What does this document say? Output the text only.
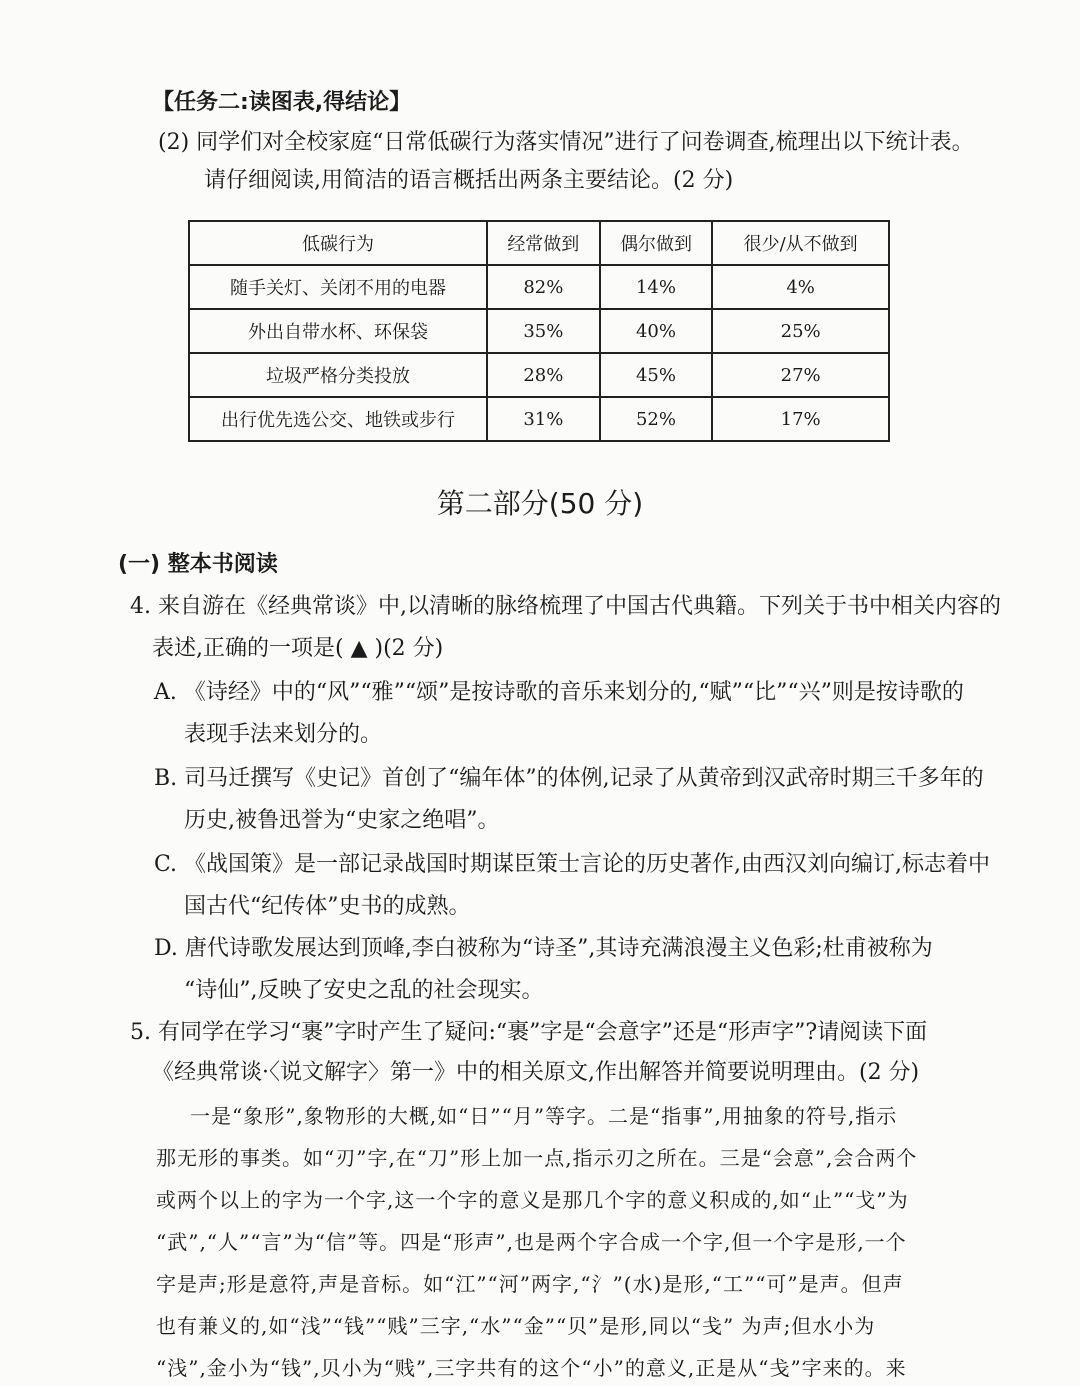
【任务二:读图表,得结论】
(2) 同学们对全校家庭“日常低碳行为落实情况”进行了问卷调查,梳理出以下统计表。
请仔细阅读,用简洁的语言概括出两条主要结论。(2 分)
低碳行为	经常做到	偶尔做到	很少/从不做到
随手关灯、关闭不用的电器	82%	14%	4%
外出自带水杯、环保袋	35%	40%	25%
垃圾严格分类投放	28%	45%	27%
出行优先选公交、地铁或步行	31%	52%	17%
第二部分(50 分)
(一) 整本书阅读
4. 来自游在《经典常谈》中,以清晰的脉络梳理了中国古代典籍。下列关于书中相关内容的
表述,正确的一项是( ▲ )(2 分)
A. 《诗经》中的“风”“雅”“颂”是按诗歌的音乐来划分的,“赋”“比”“兴”则是按诗歌的
表现手法来划分的。
B. 司马迁撰写《史记》首创了“编年体”的体例,记录了从黄帝到汉武帝时期三千多年的
历史,被鲁迅誉为“史家之绝唱”。
C. 《战国策》是一部记录战国时期谋臣策士言论的历史著作,由西汉刘向编订,标志着中
国古代“纪传体”史书的成熟。
D. 唐代诗歌发展达到顶峰,李白被称为“诗圣”,其诗充满浪漫主义色彩;杜甫被称为
“诗仙”,反映了安史之乱的社会现实。
5. 有同学在学习“裹”字时产生了疑问:“裹”字是“会意字”还是“形声字”?请阅读下面
《经典常谈·〈说文解字〉第一》中的相关原文,作出解答并简要说明理由。(2 分)
一是“象形”,象物形的大概,如“日”“月”等字。二是“指事”,用抽象的符号,指示
那无形的事类。如“刃”字,在“刀”形上加一点,指示刃之所在。三是“会意”,会合两个
或两个以上的字为一个字,这一个字的意义是那几个字的意义积成的,如“止”“戈”为
“武”,“人”“言”为“信”等。四是“形声”,也是两个字合成一个字,但一个字是形,一个
字是声;形是意符,声是音标。如“江”“河”两字,“氵”(水)是形,“工”“可”是声。但声
也有兼义的,如“浅”“钱”“贱”三字,“水”“金”“贝”是形,同以“戋” 为声;但水小为
“浅”,金小为“钱”,贝小为“贱”,三字共有的这个“小”的意义,正是从“戋”字来的。来
